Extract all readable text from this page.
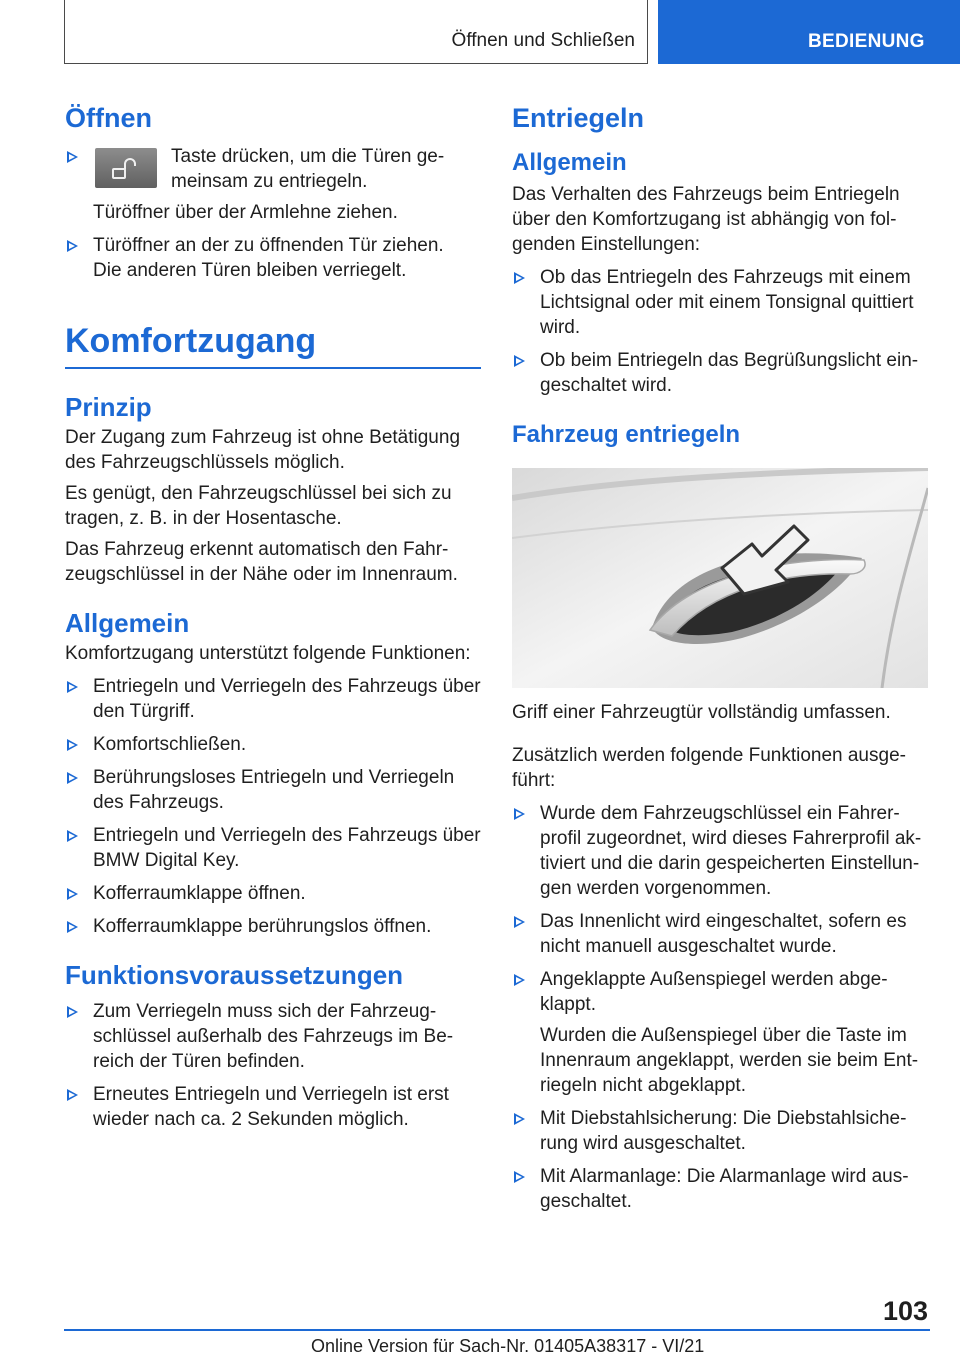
Öffnen und Schließen	BEDIENUNG
Öffnen
Taste drücken, um die Türen ge-
meinsam zu entriegeln.
Türöffner über der Armlehne ziehen.
Türöffner an der zu öffnenden Tür ziehen.
Die anderen Türen bleiben verriegelt.
Komfortzugang
Prinzip

Der Zugang zum Fahrzeug ist ohne Betätigung des Fahrzeugschlüssels möglich.

Es genügt, den Fahrzeugschlüssel bei sich zu tragen, z. B. in der Hosentasche.

Das Fahrzeug erkennt automatisch den Fahr-zeugschlüssel in der Nähe oder im Innenraum.

Allgemein

Komfortzugang unterstützt folgende Funktionen:

Entriegeln und Verriegeln des Fahrzeugs über den Türgriff.
Komfortschließen.
Berührungsloses Entriegeln und Verriegeln des Fahrzeugs.
Entriegeln und Verriegeln des Fahrzeugs über BMW Digital Key.
Kofferraumklappe öffnen.
Kofferraumklappe berührungslos öffnen.
Funktionsvoraussetzungen
Zum Verriegeln muss sich der Fahrzeug-schlüssel außerhalb des Fahrzeugs im Be-reich der Türen befinden.
Erneutes Entriegeln und Verriegeln ist erst wieder nach ca. 2 Sekunden möglich.
Entriegeln
Allgemein

Das Verhalten des Fahrzeugs beim Entriegeln über den Komfortzugang ist abhängig von fol-genden Einstellungen:

Ob das Entriegeln des Fahrzeugs mit einem Lichtsignal oder mit einem Tonsignal quittiert wird.
Ob beim Entriegeln das Begrüßungslicht ein-geschaltet wird.
Fahrzeug entriegeln

Griff einer Fahrzeugtür vollständig umfassen.

Zusätzlich werden folgende Funktionen ausge-führt:

Wurde dem Fahrzeugschlüssel ein Fahrer-profil zugeordnet, wird dieses Fahrerprofil ak-tiviert und die darin gespeicherten Einstellun-gen werden vorgenommen.
Das Innenlicht wird eingeschaltet, sofern es nicht manuell ausgeschaltet wurde.
Angeklappte Außenspiegel werden abge-klappt.

Wurden die Außenspiegel über die Taste im Innenraum angeklappt, werden sie beim Ent-riegeln nicht abgeklappt.

Mit Diebstahlsicherung: Die Diebstahlsiche-rung wird ausgeschaltet.
Mit Alarmanlage: Die Alarmanlage wird aus-geschaltet.
103
Online Version für Sach-Nr. 01405A38317 - VI/21
